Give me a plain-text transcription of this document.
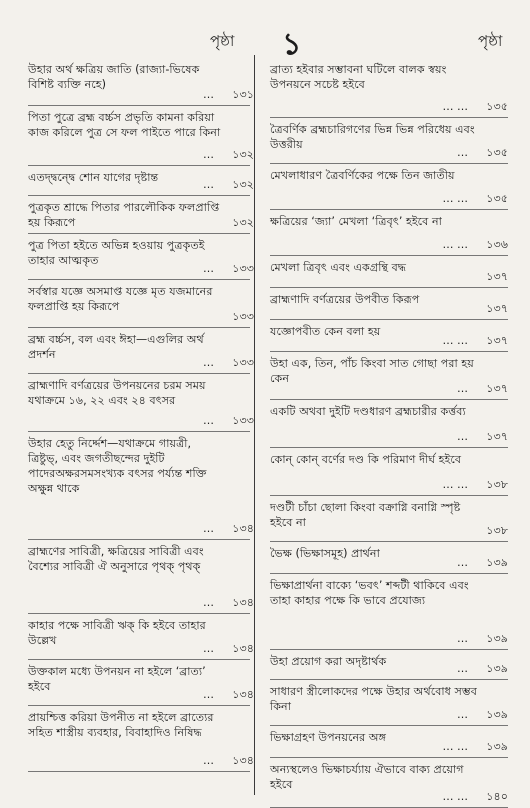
পৃষ্ঠা ১	পৃষ্ঠা
উহার অর্থ ক্ষত্রিয় জাতি (রাজ্যা-ভিষেক বিশিষ্ট ব্যক্তি নহে)
১৩১
…
পিতা পুত্রে ব্রহ্ম বর্চ্চস প্রভৃতি কামনা করিয়া কাজ করিলে পুত্র সে ফল পাইতে পারে কিনা
১৩২
…
এতদ্দ্বন্দ্বে শোন যাগের দৃষ্টান্ত
১৩২
…
পুত্রকৃত শ্রাদ্ধে পিতার পারলৌকিক ফলপ্রাপ্তি হয় কিরূপে	১৩২
পুত্র পিতা হইতে অভিন্ন হওয়ায় পুত্রকৃতই তাহার আত্মকৃত
১৩৩
…
সর্বস্বার যজ্ঞে অসমাপ্ত যজ্ঞে মৃত যজমানের ফলপ্রাপ্তি হয় কিরূপে
১৩৩
ব্রহ্ম বর্চ্চস, বল এবং ঈহা—এগুলির অর্থ প্রদর্শন
১৩৩
…
ব্রাহ্মণাদি বর্ণত্রয়ের উপনয়নের চরম সময় যথাক্রমে ১৬, ২২ এবং ২৪ বৎসর
১৩৩
…
উহার হেতু নির্দ্দেশ—যথাক্রমে গায়ত্রী, ত্রিষ্টুভ্, এবং জগতীছন্দের দুইটি পাদেরঅক্ষরসমসংখ্যক বৎসর পর্য্যন্ত শক্তি অক্ষুন্ন থাকে
১৩৪
…
ব্রাহ্মণের সাবিত্রী, ক্ষত্রিয়ের সাবিত্রী এবং বৈশ্যের সাবিত্রী ঐ অনুসারে পৃথক্ পৃথক্
১৩৪
…
কাহার পক্ষে সাবিত্রী ঋক্ কি হইবে তাহার উল্লেখ
১৩৪
…
উক্তকাল মধ্যে উপনয়ন না হইলে ‘ব্রাত্য’ হইবে
১৩৪
…
প্রায়শ্চিত্ত করিয়া উপনীত না হইলে ব্রাত্যের সহিত শাস্ত্রীয় ব্যবহার, বিবাহাদিও নিষিদ্ধ
১৩৪
…
ব্রাত্য হইবার সম্ভাবনা ঘটিলে বালক স্বয়ং উপনয়নে সচেষ্ট হইবে
১৩৫
… …
ত্রৈবর্ণিক ব্রহ্মচারিগণের ভিন্ন ভিন্ন পরিধেয় এবং উত্তরীয়
১৩৫
…
মেখলাধারণ ত্রৈবর্ণিকের পক্ষে তিন জাতীয়
১৩৫
… …
ক্ষত্রিয়ের ‘জ্যা’ মেখলা ‘ত্রিবৃৎ’ হইবে না
১৩৬
… …
মেখলা ত্রিবৃৎ এবং একগ্রন্থি বদ্ধ
১৩৭
ব্রাহ্মণাদি বর্ণত্রয়ের উপবীত কিরূপ
১৩৭
যজ্ঞোপবীত কেন বলা হয়
১৩৭
… …
উহা এক, তিন, পাঁচ কিংবা সাত গোছা পরা হয় কেন
১৩৭
…
একটি অথবা দুইটি দণ্ডধারণ ব্রহ্মচারীর কর্ত্তব্য
১৩৭
…
কোন্ কোন্ বর্ণের দণ্ড কি পরিমাণ দীর্ঘ হইবে
১৩৮
… …
দণ্ডটী চাঁচা ছোলা কিংবা বক্রাগ্নি বনাগ্নি স্পৃষ্ট হইবে না
১৩৮
ভৈক্ষ (ভিক্ষাসমূহ) প্রার্থনা
১৩৯
…
ভিক্ষাপ্রার্থনা বাক্যে ‘ভবৎ’ শব্দটী থাকিবে এবং তাহা কাহার পক্ষে কি ভাবে প্রযোজ্য
১৩৯
…
উহা প্রয়োগ করা অদৃষ্টার্থক
১৩৯
…
সাধারণ স্ত্রীলোকদের পক্ষে উহার অর্থবোধ সম্ভব কিনা
১৩৯
…
ভিক্ষাগ্রহণ উপনয়নের অঙ্গ
১৩৯
… …
অন্যস্থলেও ভিক্ষাচর্য্যায় ঐভাবে বাক্য প্রয়োগ হইবে
১৪০
… …
